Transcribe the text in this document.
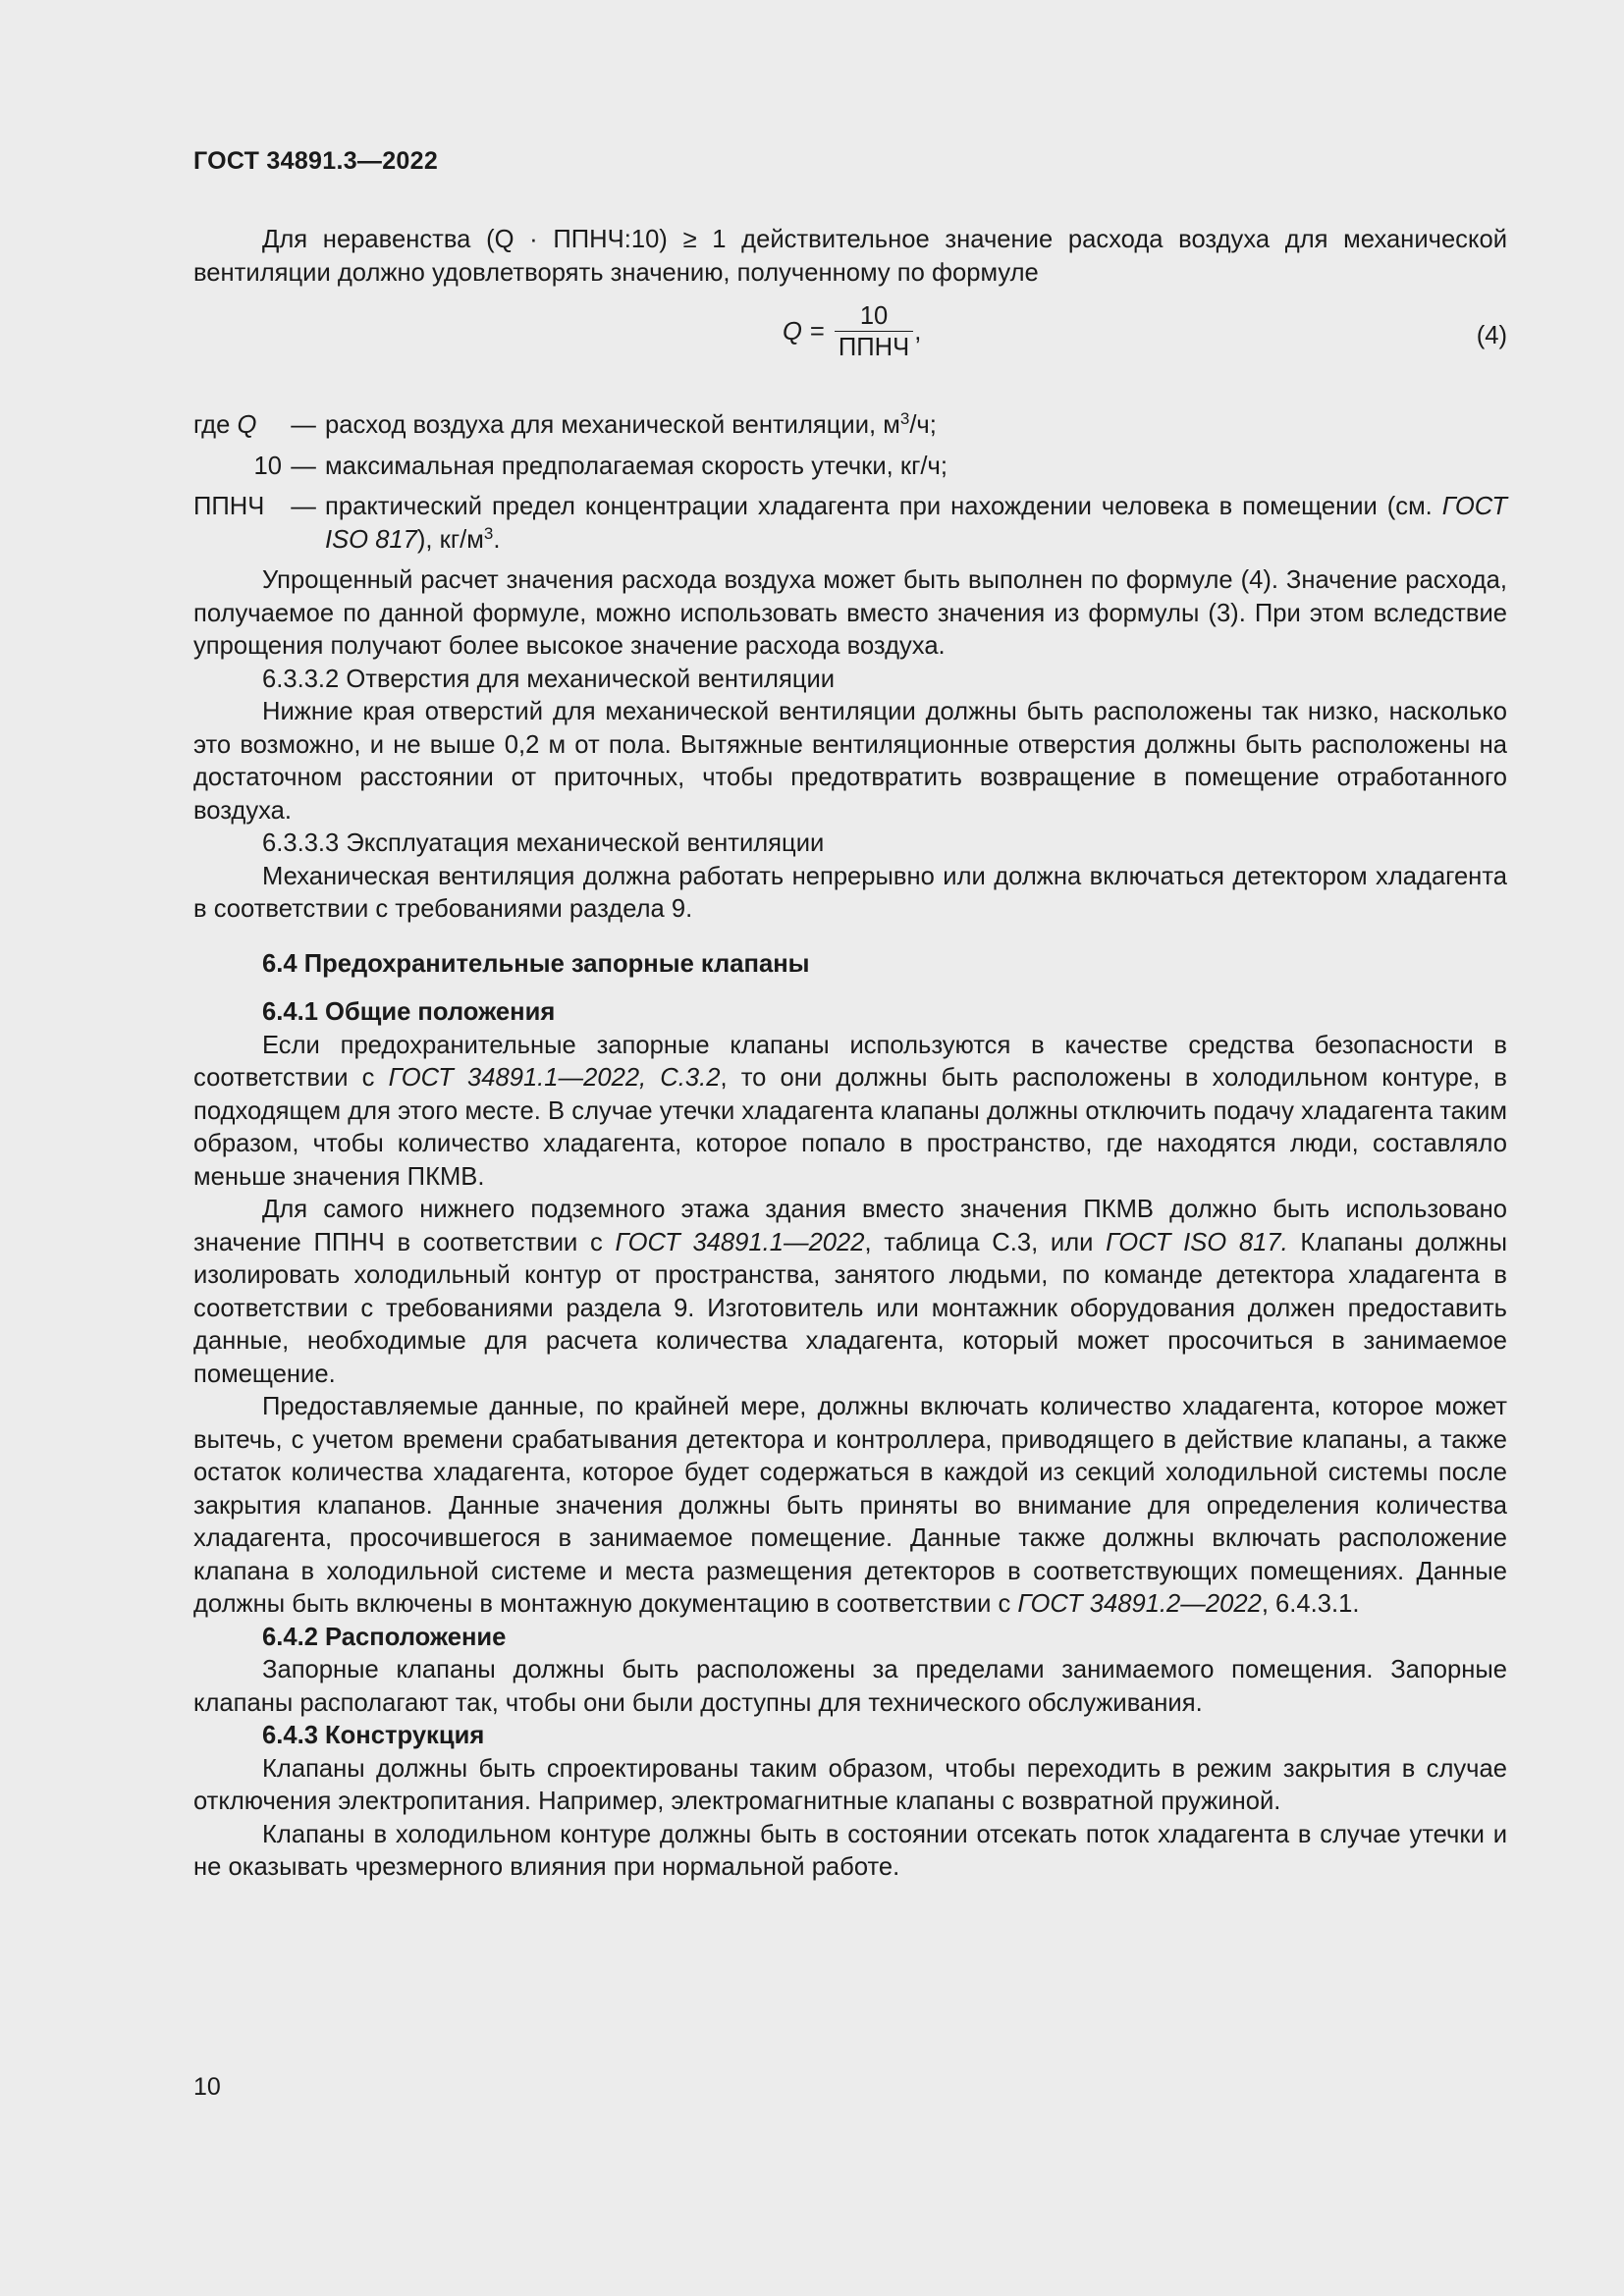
ГОСТ 34891.3—2022

Для неравенства (Q · ППНЧ:10) ≥ 1 действительное значение расхода воздуха для механической вентиляции должно удовлетворять значению, полученному по формуле

$Q = \frac{10}{\text{ППНЧ}}$ ,	(4)
где Q	— расход воздуха для механической вентиляции, $м^3/ч$;
10 — максимальная предполагаемая скорость утечки, кг/ч;
ППНЧ	— практический предел концентрации хладагента при нахождении человека в помещении (см. ГОСТ ISO 817), $кг/м^3$.

Упрощенный расчет значения расхода воздуха может быть выполнен по формуле (4). Значение расхода, получаемое по данной формуле, можно использовать вместо значения из формулы (3). При этом вследствие упрощения получают более высокое значение расхода воздуха.

6.3.3.2 Отверстия для механической вентиляции

Нижние края отверстий для механической вентиляции должны быть расположены так низко, насколько это возможно, и не выше 0,2 м от пола. Вытяжные вентиляционные отверстия должны быть расположены на достаточном расстоянии от приточных, чтобы предотвратить возвращение в помещение отработанного воздуха.

6.3.3.3 Эксплуатация механической вентиляции

Механическая вентиляция должна работать непрерывно или должна включаться детектором хладагента в соответствии с требованиями раздела 9.

6.4 Предохранительные запорные клапаны
6.4.1 Общие положения

Если предохранительные запорные клапаны используются в качестве средства безопасности в соответствии с ГОСТ 34891.1—2022, С.3.2, то они должны быть расположены в холодильном контуре, в подходящем для этого месте. В случае утечки хладагента клапаны должны отключить подачу хладагента таким образом, чтобы количество хладагента, которое попало в пространство, где находятся люди, составляло меньше значения ПКМВ.

Для самого нижнего подземного этажа здания вместо значения ПКМВ должно быть использовано значение ППНЧ в соответствии с ГОСТ 34891.1—2022, таблица С.3, или ГОСТ ISO 817. Клапаны должны изолировать холодильный контур от пространства, занятого людьми, по команде детектора хладагента в соответствии с требованиями раздела 9. Изготовитель или монтажник оборудования должен предоставить данные, необходимые для расчета количества хладагента, который может просочиться в занимаемое помещение.

Предоставляемые данные, по крайней мере, должны включать количество хладагента, которое может вытечь, с учетом времени срабатывания детектора и контроллера, приводящего в действие клапаны, а также остаток количества хладагента, которое будет содержаться в каждой из секций холодильной системы после закрытия клапанов. Данные значения должны быть приняты во внимание для определения количества хладагента, просочившегося в занимаемое помещение. Данные также должны включать расположение клапана в холодильной системе и места размещения детекторов в соответствующих помещениях. Данные должны быть включены в монтажную документацию в соответствии с ГОСТ 34891.2—2022, 6.4.3.1.

6.4.2 Расположение

Запорные клапаны должны быть расположены за пределами занимаемого помещения. Запорные клапаны располагают так, чтобы они были доступны для технического обслуживания.

6.4.3 Конструкция

Клапаны должны быть спроектированы таким образом, чтобы переходить в режим закрытия в случае отключения электропитания. Например, электромагнитные клапаны с возвратной пружиной.

Клапаны в холодильном контуре должны быть в состоянии отсекать поток хладагента в случае утечки и не оказывать чрезмерного влияния при нормальной работе.

10
